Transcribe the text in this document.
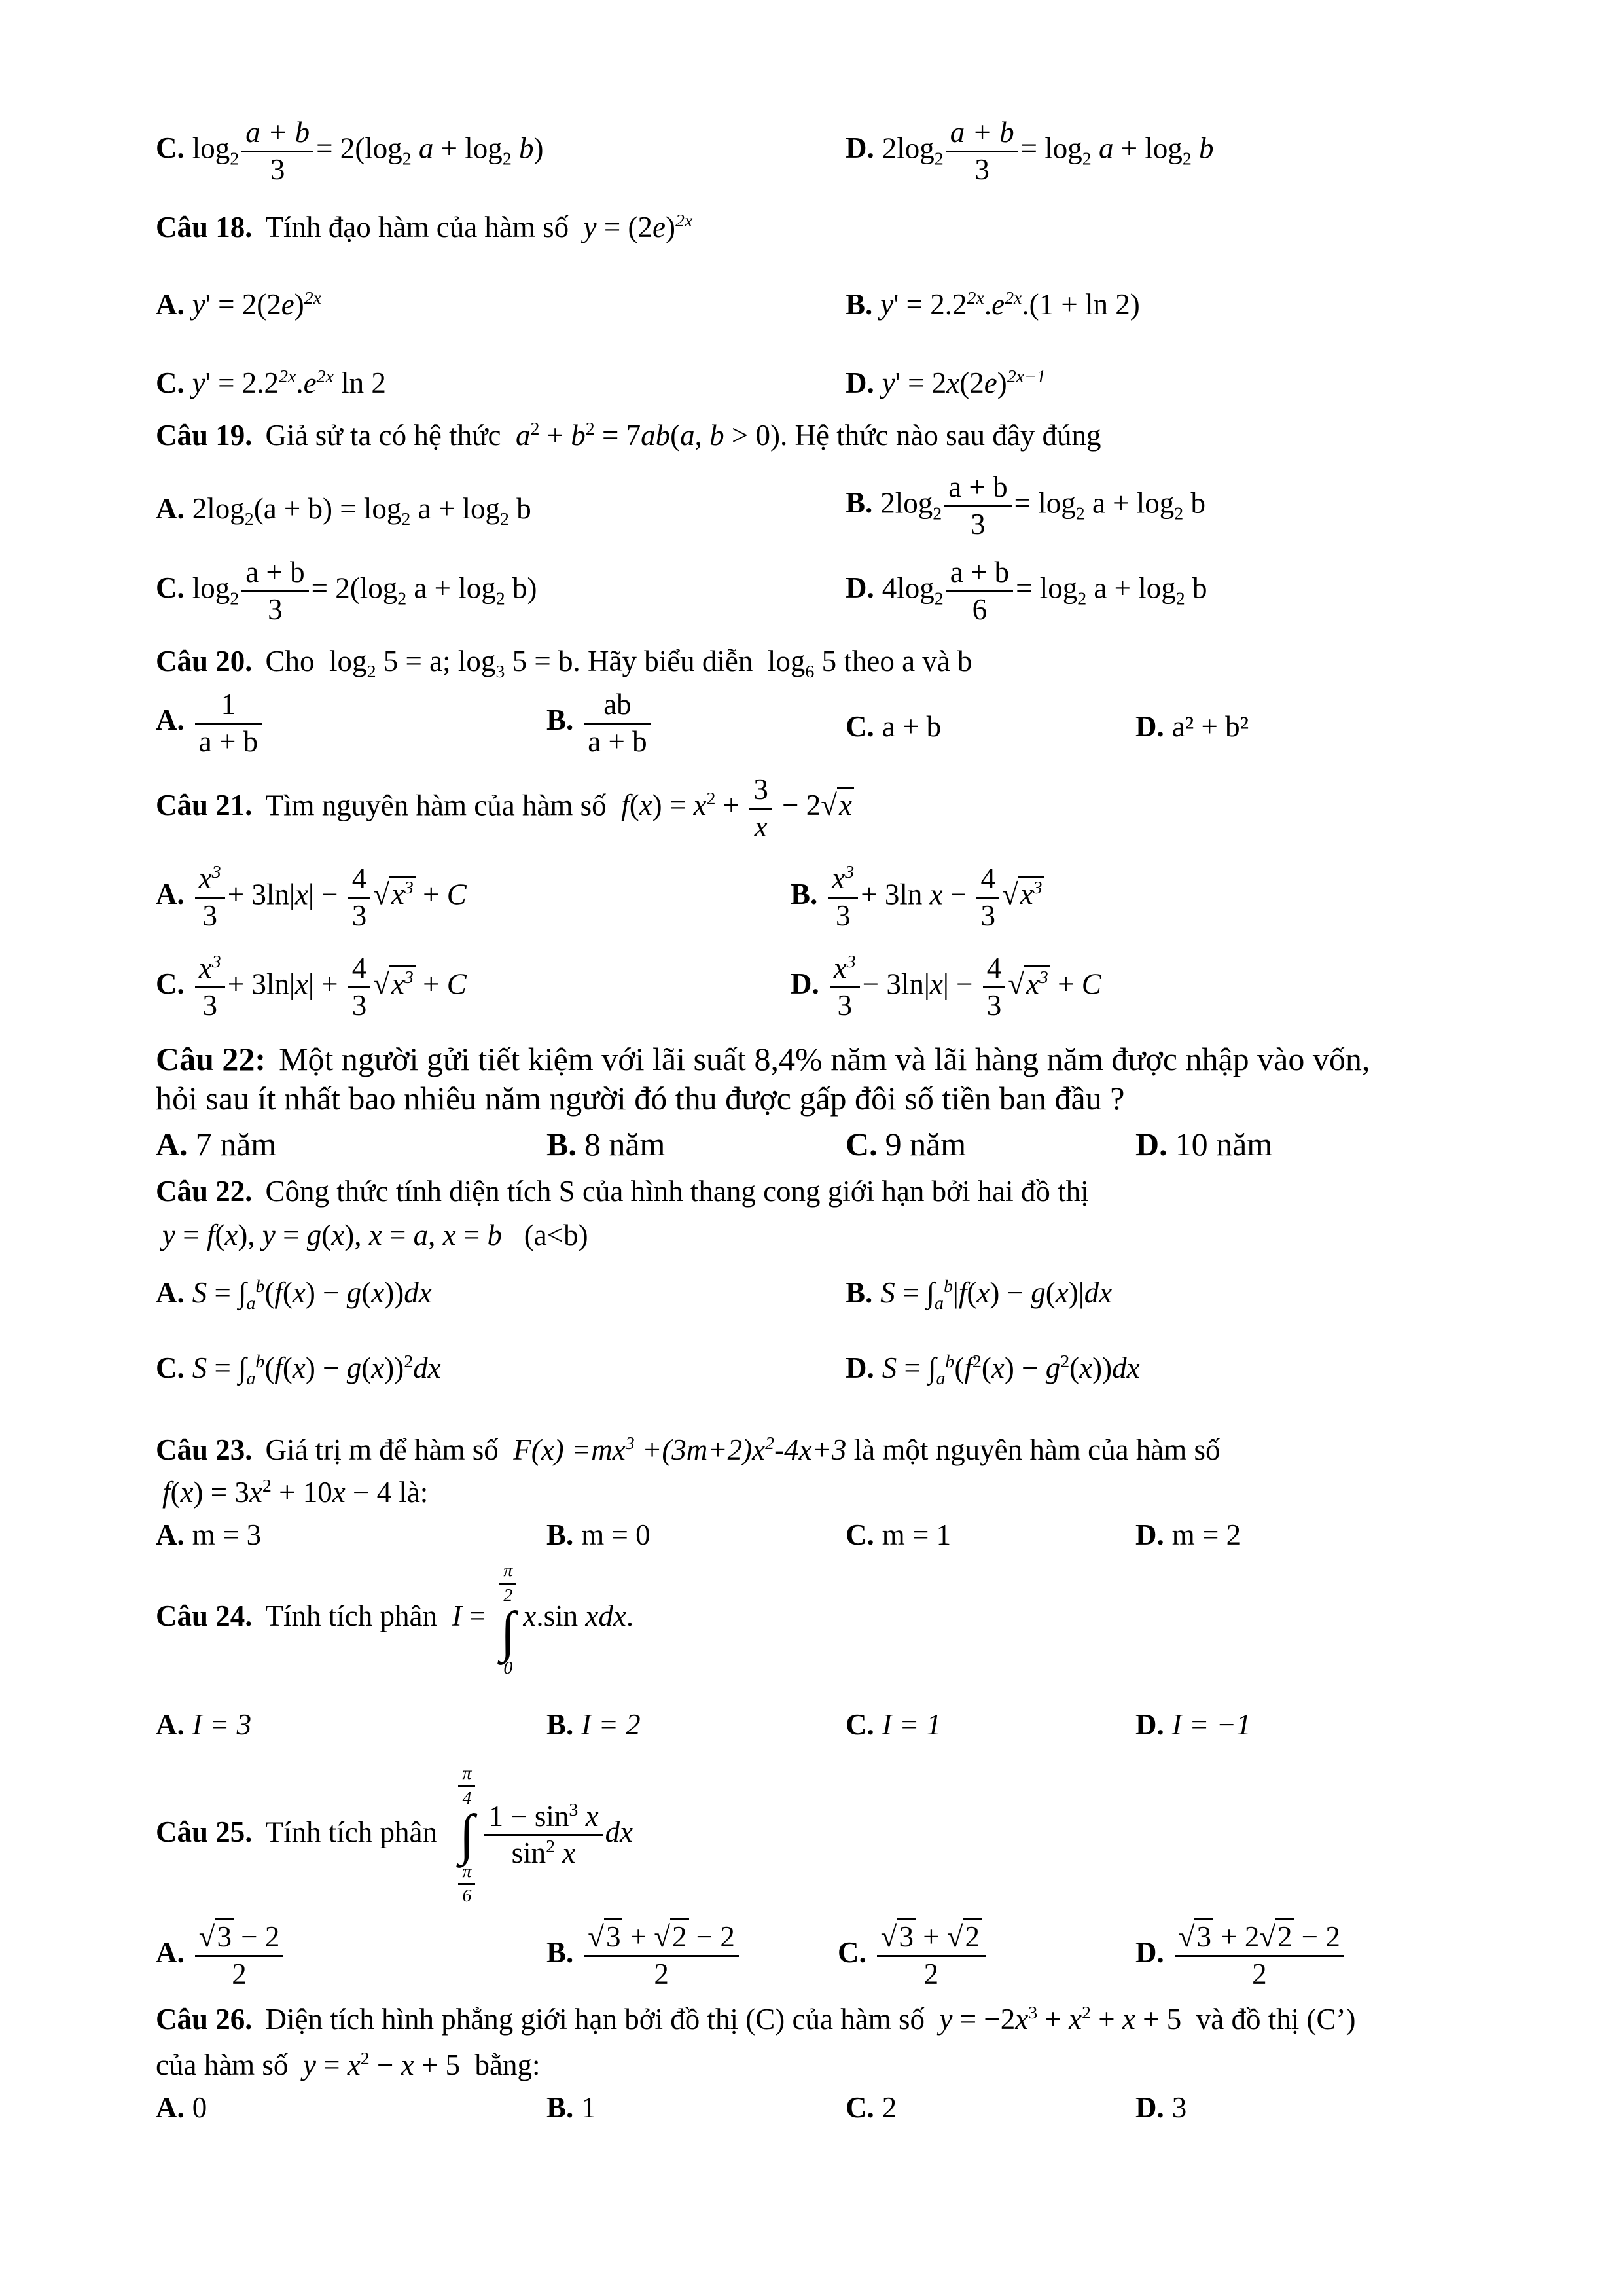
C. $\log_2 \frac{a + b}{3} = 2(\log_2$ $a + \log_2 b$)	D. $2\log_2 \frac{a + b}{3} = \log_2 a + \log_2 b$
Câu 18. Tính đạo hàm của hàm số $y = (2e)^{2x}$
A. $y' = 2(2e)^{2x}$	B. $y' = 2.2^{2x}.e^{2x}.(1 + \ln 2)$
C. $y' = 2.2^{2x}.e^{2x}$ ln 2	D. $y' = 2x(2e)^{2x-1}$
Câu 19. Giả sử ta có hệ thức $a^2 + b^2 = 7ab(a$, b > 0). Hệ thức nào sau đây đúng
A. $2\log_2(a + b) = \log_2 a + \log_2 b$	B. $2\log_2 \frac{a + b}{3} = \log_2 a + \log_2 b$
C. $\log_2 \frac{a + b}{3} = 2(\log_2$ $a + \log_2 b$)	D. $4\log_2 \frac{a + b}{6} = \log_2 a + \log_2 b$
Câu 20. Cho $\log_2 5 = a$; $\log_3 5 = b$. Hãy biểu diễn $\log_6 5$ theo a và b
A. $\frac{1}{a + b}$	B. $\frac{ab}{a + b}$	C. a + b	D. a² + b²
Câu 21. Tìm nguyên hàm của hàm số $f(x) = x^2 + \frac{3}{x} - 2√x$
A. $\frac{x^3}{3} + 3\ln|x| - \frac{4}{3} √x^3 + C$	B. $\frac{x^3}{3} + 3\ln$ $x - \frac{4}{3} √x^3$
C. $\frac{x^3}{3} + 3\ln|x| + \frac{4}{3} √x^3 + C$	D. $\frac{x^3}{3} - 3\ln|x| - \frac{4}{3} √x^3 + C$
Câu 22: Một người gửi tiết kiệm với lãi suất 8,4% năm và lãi hàng năm được nhập vào vốn,
hỏi sau ít nhất bao nhiêu năm người đó thu được gấp đôi số tiền ban đầu ?
A. 7 năm	B. 8 năm	C. 9 năm	D. 10 năm
Câu 22. Công thức tính diện tích S của hình thang cong giới hạn bởi hai đồ thị
y = f(x), y = g(x), x = a, x = b (a<b)
A. $S = \int_a^b(f(x) - g(x))dx$	B. $S = \int_a^b|f(x) - g(x)|dx$
C. $S = \int_a^b(f(x) - g(x))^2dx$	D. $S = \int_a^b(f^2(x) - g^2(x))dx$
Câu 23. Giá trị m để hàm số $F(x) =mx^3 +(3m+2)x^2-4x+3$ là một nguyên hàm của hàm số
$f(x) = 3x^2 + 10x - 4$ là:
A. m = 3	B. m = 0	C. m = 1	D. m = 2
Câu 24. Tính tích phân I =
$\frac{\pi}{2}$
∫
0
x.sin xdx.
A. I = 3	B. I = 2	C. I = 1	D. I = −1
Câu 25. Tính tích phân
$\frac{\pi}{4}$
∫
$\frac{\pi}{6}$
$\frac{1 - \sin^3 x}{\sin^2 x}$ dx
A. $\frac{√3 - 2}{2}$	B. $\frac{√3 + √2 - 2}{2}$	C. $\frac{√3 + √2}{2}$	D. $\frac{√3 + 2√2 - 2}{2}$
Câu 26. Diện tích hình phẳng giới hạn bởi đồ thị (C) của hàm số $y = -2x^3 + x^2 + x + 5$ và đồ thị (C’)
của hàm số $y = x^2 - x + 5$ bằng:
A. 0	B. 1	C. 2	D. 3
